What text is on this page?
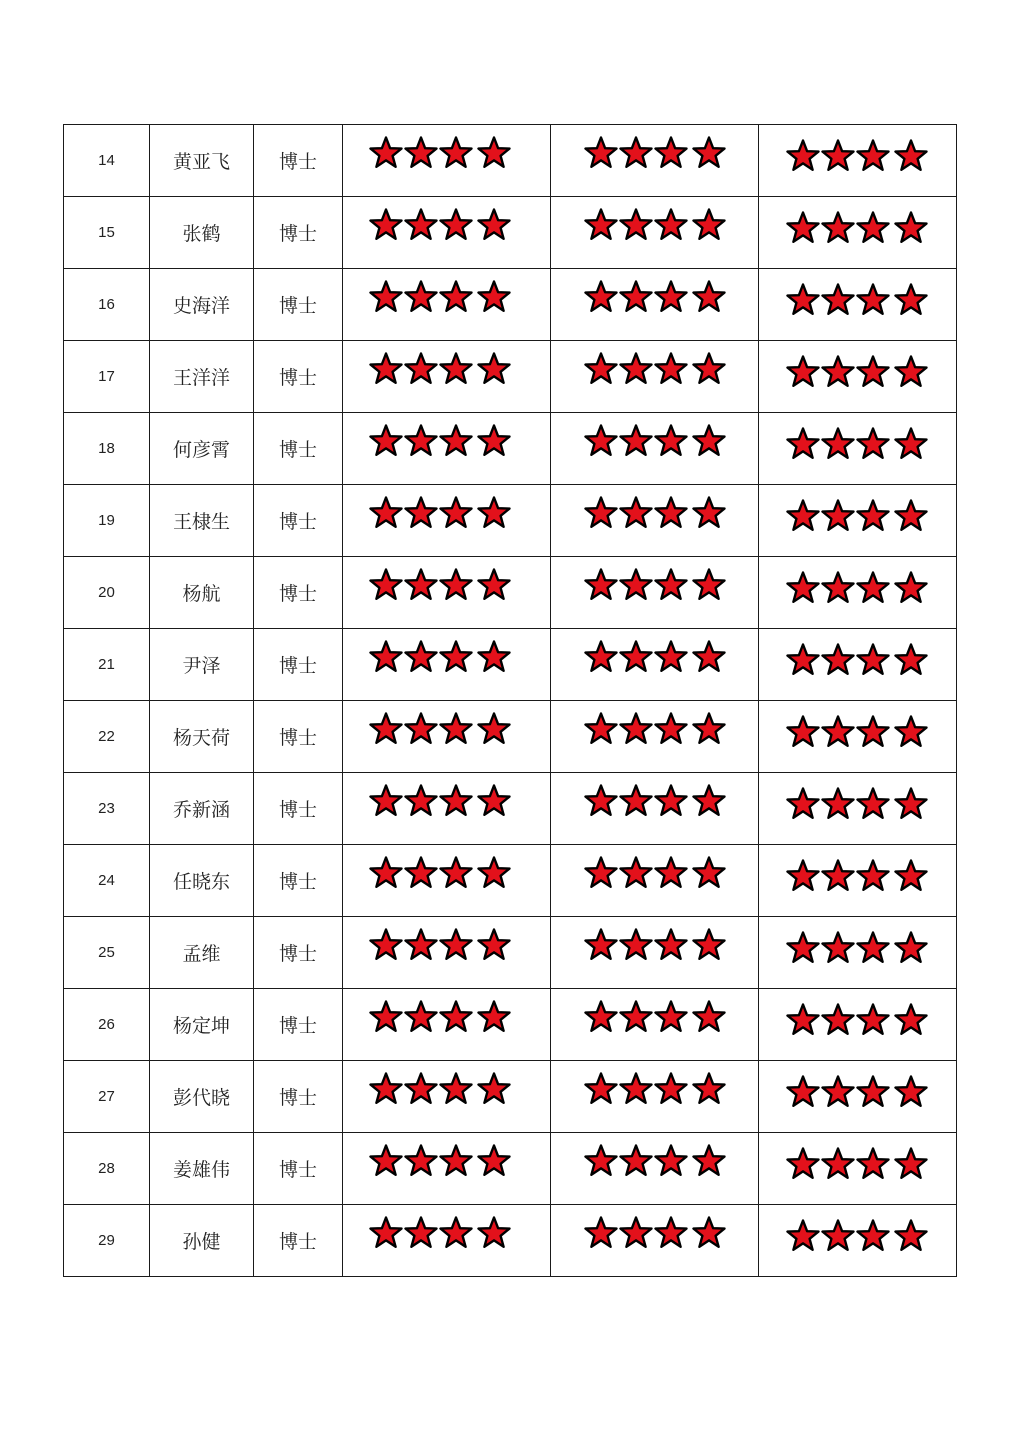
14	黄亚飞	博士	

15	张鹤	博士	

16	史海洋	博士	

17	王洋洋	博士	

18	何彦霄	博士	

19	王棣生	博士	

20	杨航	博士	

21	尹泽	博士	

22	杨天荷	博士	

23	乔新涵	博士	

24	任晓东	博士	

25	孟维	博士	

26	杨定坤	博士	

27	彭代晓	博士	

28	姜雄伟	博士	

29	孙健	博士	
